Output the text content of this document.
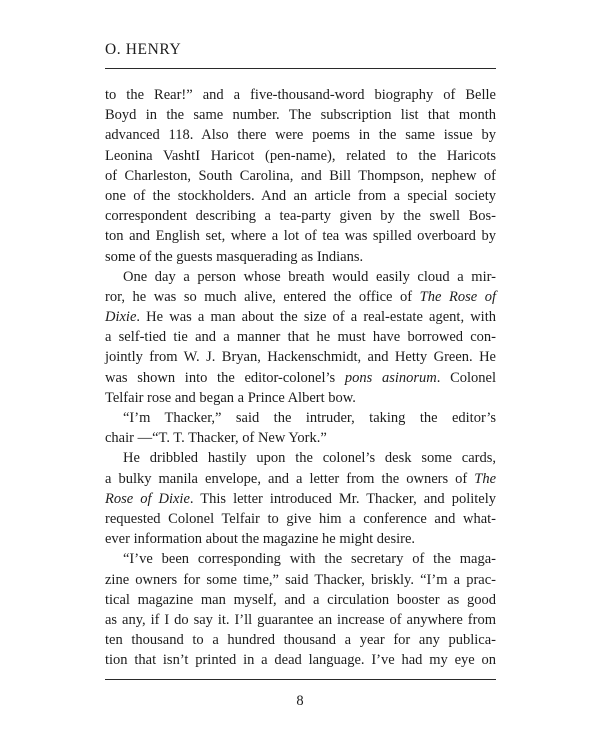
O. HENRY
to the Rear!” and a five-thousand-word biography of Belle
Boyd in the same number. The subscription list that month
advanced 118. Also there were poems in the same issue by
Leonina VashtI Haricot (pen-name), related to the Haricots
of Charleston, South Carolina, and Bill Thompson, nephew of
one of the stockholders. And an article from a special society
correspondent describing a tea-party given by the swell Bos-
ton and English set, where a lot of tea was spilled overboard by
some of the guests masquerading as Indians.
One day a person whose breath would easily cloud a mir-
ror, he was so much alive, entered the office of The Rose of
Dixie. He was a man about the size of a real-estate agent, with
a self-tied tie and a manner that he must have borrowed con-
jointly from W. J. Bryan, Hackenschmidt, and Hetty Green. He
was shown into the editor-colonel’s pons asinorum. Colonel
Telfair rose and began a Prince Albert bow.
“I’m Thacker,” said the intruder, taking the editor’s
chair —“T. T. Thacker, of New York.”
He dribbled hastily upon the colonel’s desk some cards,
a bulky manila envelope, and a letter from the owners of The
Rose of Dixie. This letter introduced Mr. Thacker, and politely
requested Colonel Telfair to give him a conference and what-
ever information about the magazine he might desire.
“I’ve been corresponding with the secretary of the maga-
zine owners for some time,” said Thacker, briskly. “I’m a prac-
tical magazine man myself, and a circulation booster as good
as any, if I do say it. I’ll guarantee an increase of anywhere from
ten thousand to a hundred thousand a year for any publica-
tion that isn’t printed in a dead language. I’ve had my eye on
8
